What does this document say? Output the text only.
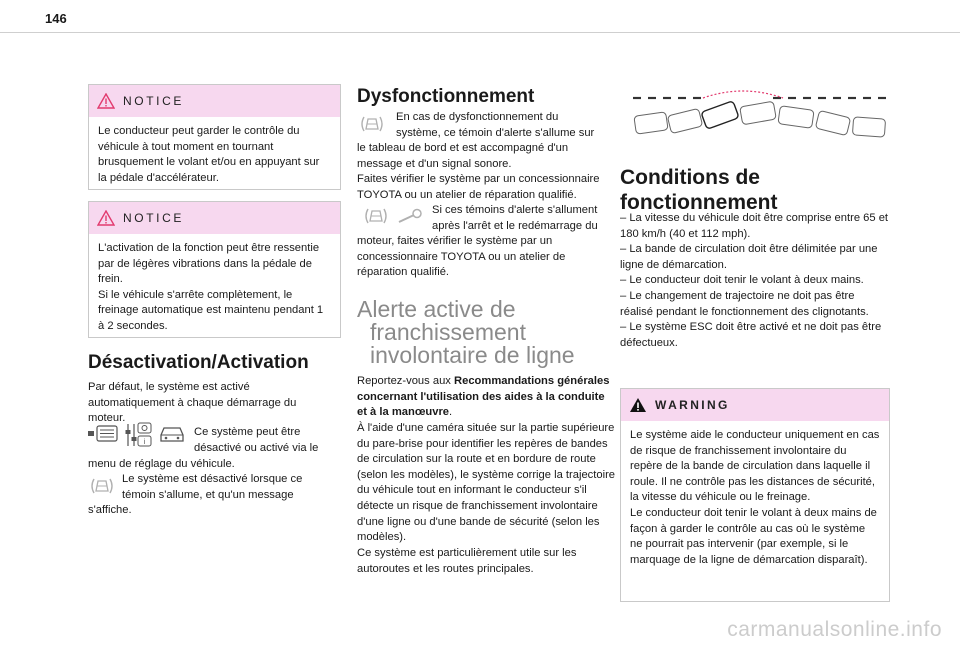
146
NOTICE

Le conducteur peut garder le contrôle du véhicule à tout moment en tournant brusquement le volant et/ou en appuyant sur la pédale d'accélérateur.

NOTICE

L'activation de la fonction peut être ressentie par de légères vibrations dans la pédale de frein.

Si le véhicule s'arrête complètement, le freinage automatique est maintenu pendant 1 à 2 secondes.

Désactivation/Activation

Par défaut, le système est activé automatiquement à chaque démarrage du moteur.

i

Ce système peut être

désactivé ou activé via le

menu de réglage du véhicule.

Le système est désactivé lorsque ce

témoin s'allume, et qu'un message

s'affiche.

Dysfonctionnement

En cas de dysfonctionnement du

système, ce témoin d'alerte s'allume sur

le tableau de bord et est accompagné d'un message et d'un signal sonore.

Faites vérifier le système par un concessionnaire TOYOTA ou un atelier de réparation qualifié.

Si ces témoins d'alerte s'allument

après l'arrêt et le redémarrage du

moteur, faites vérifier le système par un concessionnaire TOYOTA ou un atelier de réparation qualifié.

Alerte active de
franchissement
involontaire de ligne

Reportez-vous aux Recommandations générales concernant l'utilisation des aides à la conduite et à la manœuvre.

À l'aide d'une caméra située sur la partie supérieure du pare-brise pour identifier les repères de bandes de circulation sur la route et en bordure de route (selon les modèles), le système corrige la trajectoire du véhicule tout en informant le conducteur s'il détecte un risque de franchissement involontaire d'une ligne ou d'une bande de sécurité (selon les modèles).

Ce système est particulièrement utile sur les autoroutes et les routes principales.

Conditions de
fonctionnement

– La vitesse du véhicule doit être comprise entre 65 et 180 km/h (40 et 112 mph).

– La bande de circulation doit être délimitée par une ligne de démarcation.

– Le conducteur doit tenir le volant à deux mains.

– Le changement de trajectoire ne doit pas être réalisé pendant le fonctionnement des clignotants.

– Le système ESC doit être activé et ne doit pas être défectueux.

WARNING

Le système aide le conducteur uniquement en cas de risque de franchissement involontaire du repère de la bande de circulation dans laquelle il roule. Il ne contrôle pas les distances de sécurité, la vitesse du véhicule ou le freinage.

Le conducteur doit tenir le volant à deux mains de façon à garder le contrôle au cas où le système ne pourrait pas intervenir (par exemple, si le marquage de la ligne de démarcation disparaît).

carmanualsonline.info
